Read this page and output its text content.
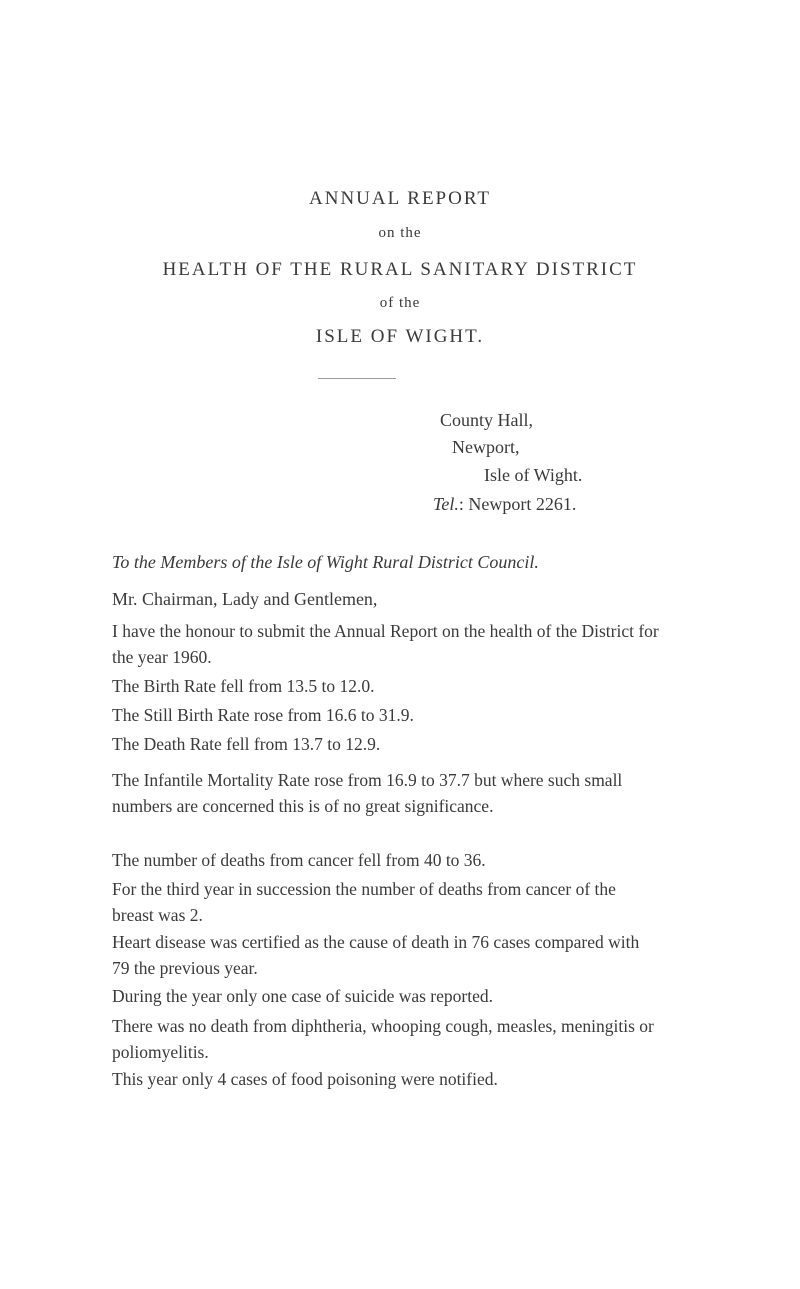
ANNUAL REPORT
on the
HEALTH OF THE RURAL SANITARY DISTRICT
of the
ISLE OF WIGHT.
County Hall,
Newport,
Isle of Wight.
Tel.: Newport 2261.
To the Members of the Isle of Wight Rural District Council.
Mr. Chairman, Lady and Gentlemen,
I have the honour to submit the Annual Report on the health of the District for the year 1960.
The Birth Rate fell from 13.5 to 12.0.
The Still Birth Rate rose from 16.6 to 31.9.
The Death Rate fell from 13.7 to 12.9.
The Infantile Mortality Rate rose from 16.9 to 37.7 but where such small numbers are concerned this is of no great significance.
The number of deaths from cancer fell from 40 to 36.
For the third year in succession the number of deaths from cancer of the breast was 2.
Heart disease was certified as the cause of death in 76 cases compared with 79 the previous year.
During the year only one case of suicide was reported.
There was no death from diphtheria, whooping cough, measles, meningitis or poliomyelitis.
This year only 4 cases of food poisoning were notified.
